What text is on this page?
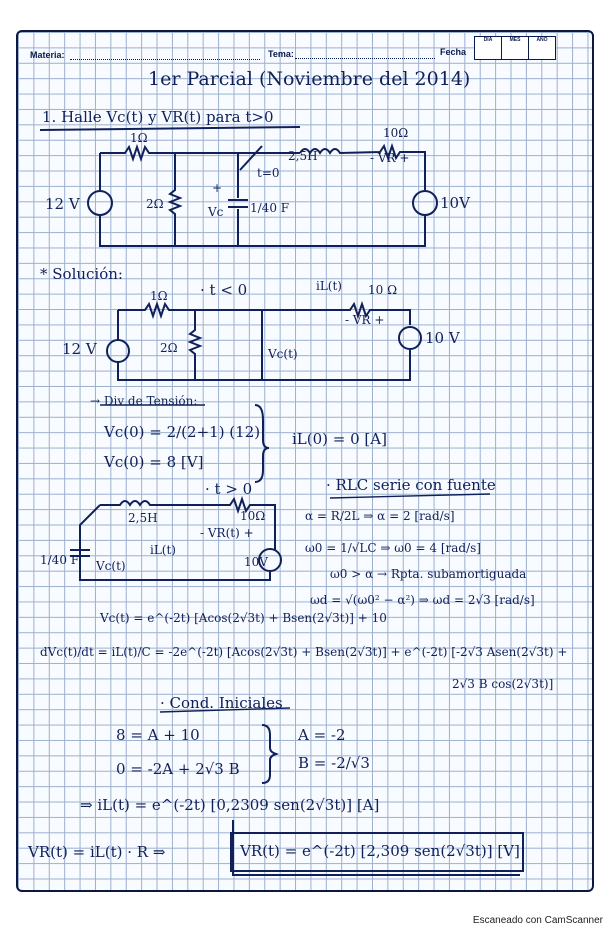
Materia:	Tema:	Fecha
DÍA	MES	AÑO
1er Parcial (Noviembre del 2014)
1. Halle Vc(t) y VR(t) para t>0
1Ω
2Ω
2,5H
10Ω
- VR +
t=0
+
Vc 1/40 F
12 V	10V
* Solución:
· t < 0
1Ω
2Ω
12 V
iL(t) 10 Ω
- VR +
Vc(t)
10 V
→ Div de Tensión:
Vc(0) = 2/(2+1) (12)
Vc(0) = 8 [V]
iL(0) = 0 [A]
· t > 0
2,5H	10Ω
- VR(t) +
iL(t)
1/40 F Vc(t)	10V
· RLC serie con fuente
α = R/2L ⇒ α = 2 [rad/s]
ω0 = 1/√LC ⇒ ω0 = 4 [rad/s]
ω0 > α → Rpta. subamortiguada
ωd = √(ω0² − α²) ⇒ ωd = 2√3 [rad/s]
Vc(t) = e^(-2t) [Acos(2√3t) + Bsen(2√3t)] + 10
dVc(t)/dt = iL(t)/C = -2e^(-2t) [Acos(2√3t) + Bsen(2√3t)] + e^(-2t) [-2√3 Asen(2√3t) +
2√3 B cos(2√3t)]
· Cond. Iniciales
8 = A + 10
0 = -2A + 2√3 B
A = -2
B = -2/√3
⇒ iL(t) = e^(-2t) [0,2309 sen(2√3t)] [A]
VR(t) = iL(t) · R ⇒	VR(t) = e^(-2t) [2,309 sen(2√3t)] [V]
Escaneado con CamScanner
